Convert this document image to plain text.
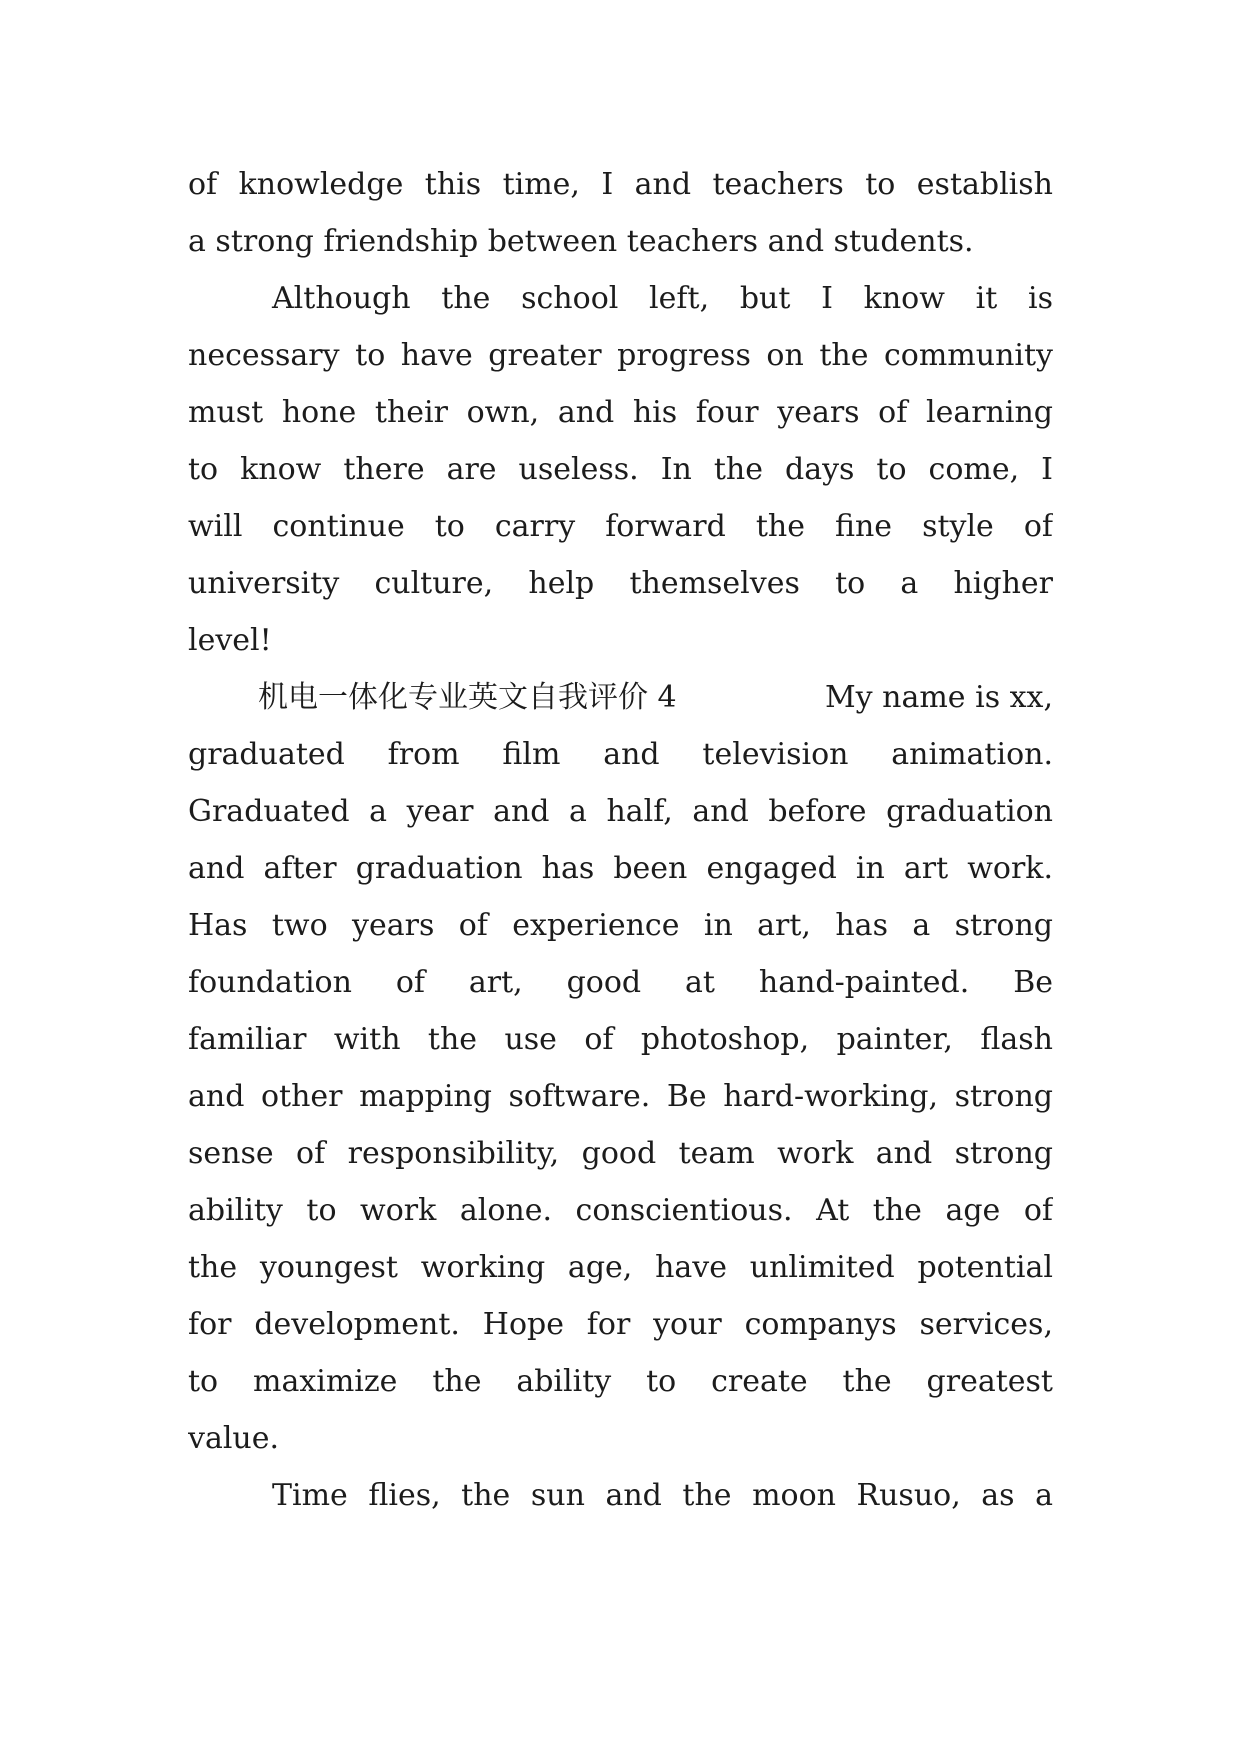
of knowledge this time, I and teachers to establish
a strong friendship between teachers and students.
Although the school left, but I know it is
necessary to have greater progress on the community
must hone their own, and his four years of learning
to know there are useless. In the days to come, I
will continue to carry forward the fine style of
university culture, help themselves to a higher
level!
机电一体化专业英文自我评价 4	My name is xx,
graduated from film and television animation.
Graduated a year and a half, and before graduation
and after graduation has been engaged in art work.
Has two years of experience in art, has a strong
foundation of art, good at hand-painted. Be
familiar with the use of photoshop, painter, flash
and other mapping software. Be hard-working, strong
sense of responsibility, good team work and strong
ability to work alone. conscientious. At the age of
the youngest working age, have unlimited potential
for development. Hope for your companys services,
to maximize the ability to create the greatest
value.
Time flies, the sun and the moon Rusuo, as a
